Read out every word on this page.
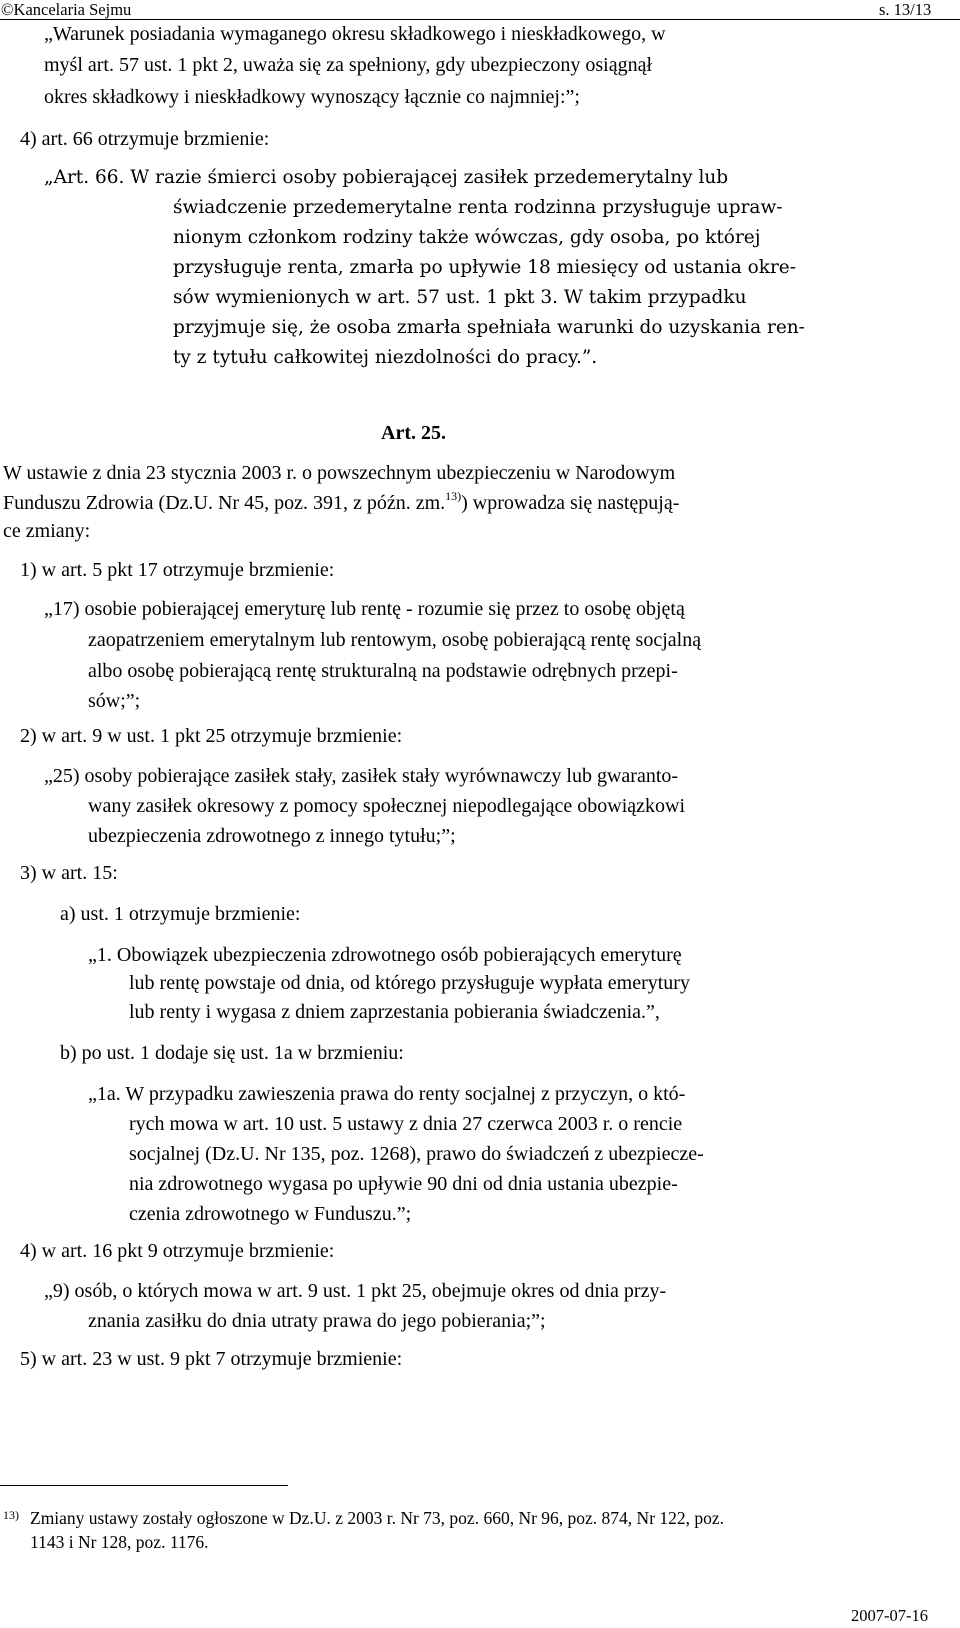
©Kancelaria Sejmu	s. 13/13
„Warunek posiadania wymaganego okresu składkowego i nieskładkowego, w
myśl art. 57 ust. 1 pkt 2, uważa się za spełniony, gdy ubezpieczony osiągnął
okres składkowy i nieskładkowy wynoszący łącznie co najmniej:”;
4) art. 66 otrzymuje brzmienie:
„Art. 66. W razie śmierci osoby pobierającej zasiłek przedemerytalny lub
świadczenie przedemerytalne renta rodzinna przysługuje upraw-
nionym członkom rodziny także wówczas, gdy osoba, po której
przysługuje renta, zmarła po upływie 18 miesięcy od ustania okre-
sów wymienionych w art. 57 ust. 1 pkt 3. W takim przypadku
przyjmuje się, że osoba zmarła spełniała warunki do uzyskania ren-
ty z tytułu całkowitej niezdolności do pracy.”.
Art. 25.
W ustawie z dnia 23 stycznia 2003 r. o powszechnym ubezpieczeniu w Narodowym
Funduszu Zdrowia (Dz.U. Nr 45, poz. 391, z późn. zm.$^{13)}$) wprowadza się następują-
ce zmiany:
1) w art. 5 pkt 17 otrzymuje brzmienie:
„17) osobie pobierającej emeryturę lub rentę - rozumie się przez to osobę objętą
zaopatrzeniem emerytalnym lub rentowym, osobę pobierającą rentę socjalną
albo osobę pobierającą rentę strukturalną na podstawie odrębnych przepi-
sów;”;
2) w art. 9 w ust. 1 pkt 25 otrzymuje brzmienie:
„25) osoby pobierające zasiłek stały, zasiłek stały wyrównawczy lub gwaranto-
wany zasiłek okresowy z pomocy społecznej niepodlegające obowiązkowi
ubezpieczenia zdrowotnego z innego tytułu;”;
3) w art. 15:
a) ust. 1 otrzymuje brzmienie:
„1. Obowiązek ubezpieczenia zdrowotnego osób pobierających emeryturę
lub rentę powstaje od dnia, od którego przysługuje wypłata emerytury
lub renty i wygasa z dniem zaprzestania pobierania świadczenia.”,
b) po ust. 1 dodaje się ust. 1a w brzmieniu:
„1a. W przypadku zawieszenia prawa do renty socjalnej z przyczyn, o któ-
rych mowa w art. 10 ust. 5 ustawy z dnia 27 czerwca 2003 r. o rencie
socjalnej (Dz.U. Nr 135, poz. 1268), prawo do świadczeń z ubezpiecze-
nia zdrowotnego wygasa po upływie 90 dni od dnia ustania ubezpie-
czenia zdrowotnego w Funduszu.”;
4) w art. 16 pkt 9 otrzymuje brzmienie:
„9) osób, o których mowa w art. 9 ust. 1 pkt 25, obejmuje okres od dnia przy-
znania zasiłku do dnia utraty prawa do jego pobierania;”;
5) w art. 23 w ust. 9 pkt 7 otrzymuje brzmienie:
13) Zmiany ustawy zostały ogłoszone w Dz.U. z 2003 r. Nr 73, poz. 660, Nr 96, poz. 874, Nr 122, poz.
1143 i Nr 128, poz. 1176.
2007-07-16
